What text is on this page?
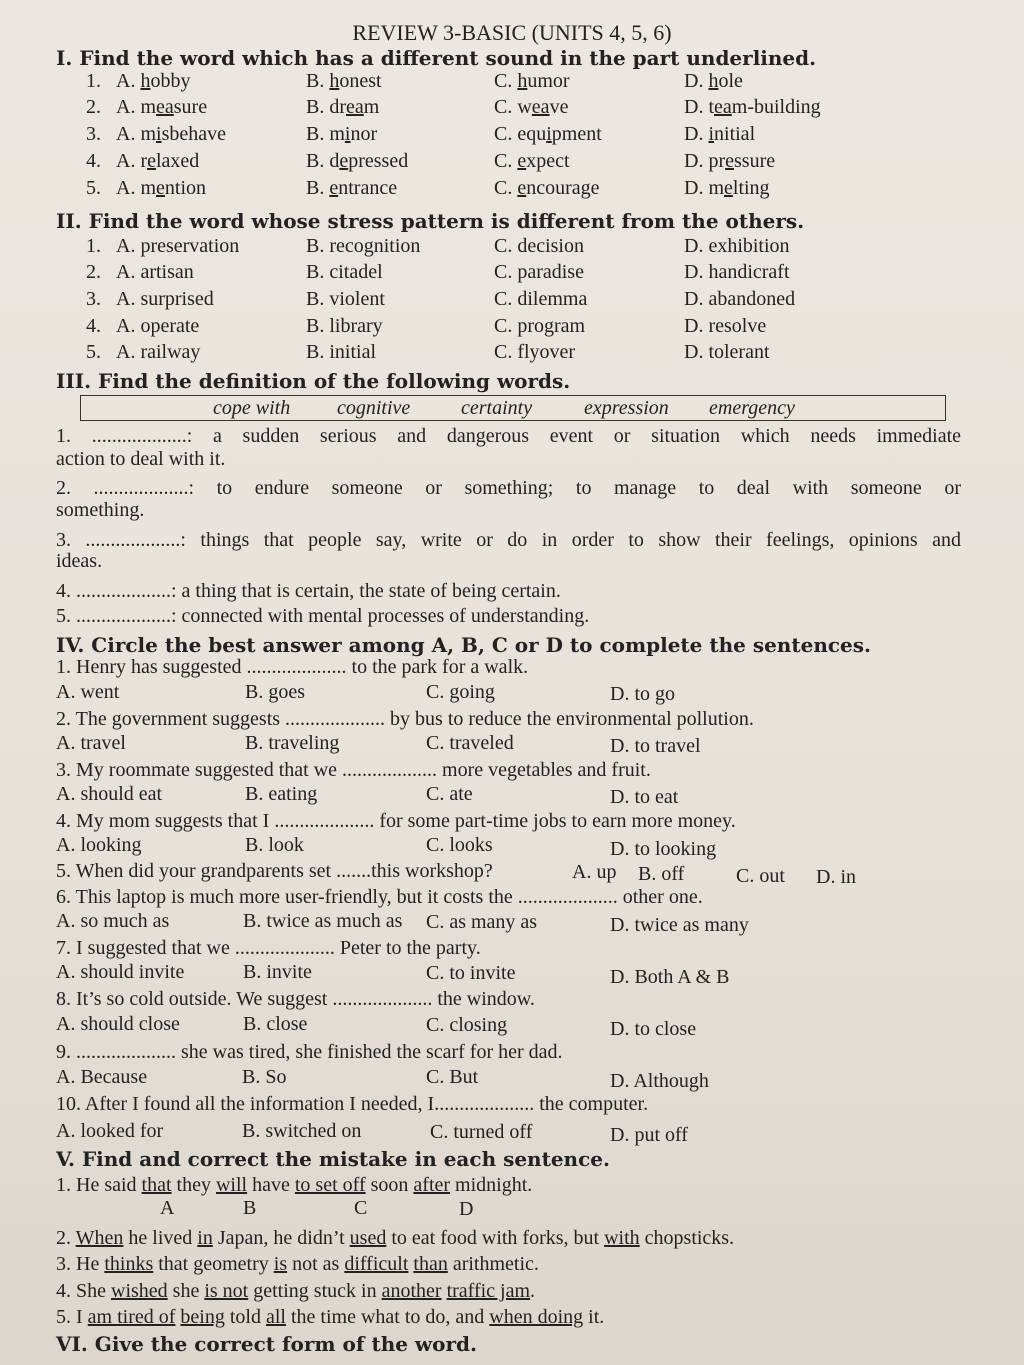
REVIEW 3-BASIC (UNITS 4, 5, 6)
I. Find the word which has a different sound in the part underlined.
1. A. hobby	B. honest	C. humor	D. hole
2. A. measure	B. dream	C. weave	D. team-building
3. A. misbehave	B. minor	C. equipment	D. initial
4. A. relaxed	B. depressed	C. expect	D. pressure
5. A. mention	B. entrance	C. encourage	D. melting
II. Find the word whose stress pattern is different from the others.
1. A. preservation	B. recognition	C. decision	D. exhibition
2. A. artisan	B. citadel	C. paradise	D. handicraft
3. A. surprised	B. violent	C. dilemma	D. abandoned
4. A. operate	B. library	C. program	D. resolve
5. A. railway	B. initial	C. flyover	D. tolerant
III. Find the definition of the following words.
cope with cognitive	certainty	expression emergency
1. ...................: a sudden serious and dangerous event or situation which needs immediate
action to deal with it.
2. ...................: to endure someone or something; to manage to deal with someone or
something.
3. ...................: things that people say, write or do in order to show their feelings, opinions and
ideas.
4. ...................: a thing that is certain, the state of being certain.
5. ...................: connected with mental processes of understanding.
IV. Circle the best answer among A, B, C or D to complete the sentences.
1. Henry has suggested .................... to the park for a walk.
A. went	B. goes	C. going	D. to go
2. The government suggests .................... by bus to reduce the environmental pollution.
A. travel	B. traveling	C. traveled	D. to travel
3. My roommate suggested that we ................... more vegetables and fruit.
A. should eat	B. eating	C. ate	D. to eat
4. My mom suggests that I .................... for some part-time jobs to earn more money.
A. looking	B. look	C. looks	D. to looking
5. When did your grandparents set .......this workshop?	A. up B. off	C. out D. in
6. This laptop is much more user-friendly, but it costs the .................... other one.
A. so much as	B. twice as much as C. as many as	D. twice as many
7. I suggested that we .................... Peter to the party.
A. should invite	B. invite	C. to invite	D. Both A & B
8. It’s so cold outside. We suggest .................... the window.
A. should close	B. close	C. closing	D. to close
9. .................... she was tired, she finished the scarf for her dad.
A. Because	B. So	C. But	D. Although
10. After I found all the information I needed, I.................... the computer.
A. looked for	B. switched on	C. turned off	D. put off
V. Find and correct the mistake in each sentence.
1. He said that they will have to set off soon after midnight.
2. When he lived in Japan, he didn’t used to eat food with forks, but with chopsticks.
3. He thinks that geometry is not as difficult than arithmetic.
4. She wished she is not getting stuck in another traffic jam.
5. I am tired of being told all the time what to do, and when doing it.
A	B	C	D
VI. Give the correct form of the word.
